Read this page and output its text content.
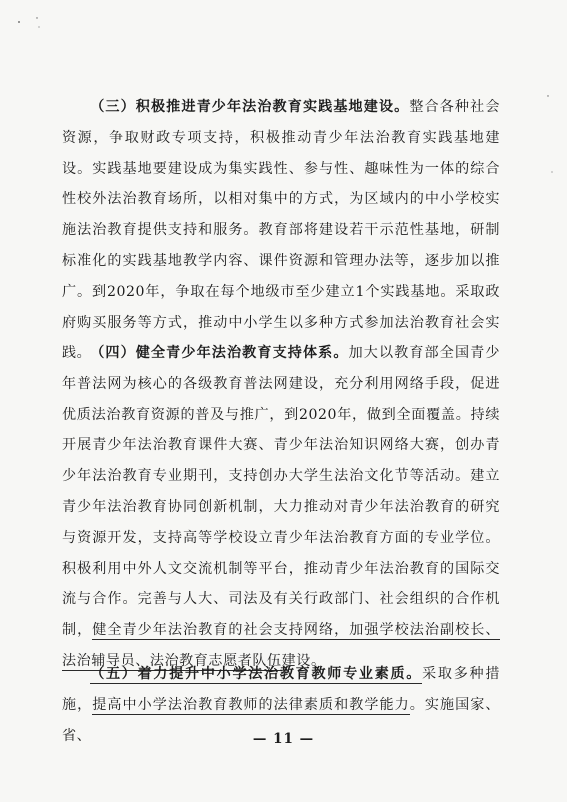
（三）积极推进青少年法治教育实践基地建设。整合各种社会资源，争取财政专项支持，积极推动青少年法治教育实践基地建设。实践基地要建设成为集实践性、参与性、趣味性为一体的综合性校外法治教育场所，以相对集中的方式，为区域内的中小学校实施法治教育提供支持和服务。教育部将建设若干示范性基地，研制标准化的实践基地教学内容、课件资源和管理办法等，逐步加以推广。到2020年，争取在每个地级市至少建立1个实践基地。采取政府购买服务等方式，推动中小学生以多种方式参加法治教育社会实践。
（四）健全青少年法治教育支持体系。加大以教育部全国青少年普法网为核心的各级教育普法网建设，充分利用网络手段，促进优质法治教育资源的普及与推广，到2020年，做到全面覆盖。持续开展青少年法治教育课件大赛、青少年法治知识网络大赛，创办青少年法治教育专业期刊，支持创办大学生法治文化节等活动。建立青少年法治教育协同创新机制，大力推动对青少年法治教育的研究与资源开发，支持高等学校设立青少年法治教育方面的专业学位。积极利用中外人文交流机制等平台，推动青少年法治教育的国际交流与合作。完善与人大、司法及有关行政部门、社会组织的合作机制，健全青少年法治教育的社会支持网络，加强学校法治副校长、法治辅导员、法治教育志愿者队伍建设。
（五）着力提升中小学法治教育教师专业素质。采取多种措施，提高中小学法治教育教师的法律素质和教学能力。实施国家、省、	— 11 —
